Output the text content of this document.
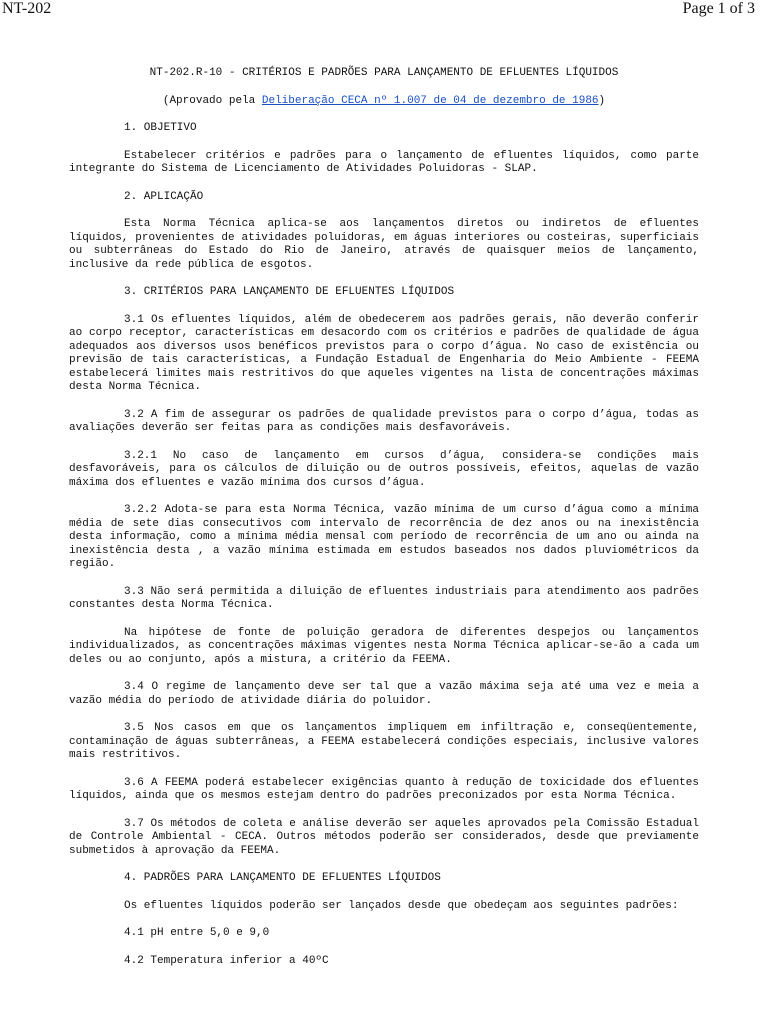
NT-202	Page 1 of 3

NT-202.R-10 - CRITÉRIOS E PADRÕES PARA LANÇAMENTO DE EFLUENTES LÍQUIDOS

(Aprovado pela Deliberação CECA nº 1.007 de 04 de dezembro de 1986)

1. OBJETIVO

Estabelecer critérios e padrões para o lançamento de efluentes líquidos, como parte integrante do Sistema de Licenciamento de Atividades Poluidoras - SLAP.

2. APLICAÇÃO

Esta Norma Técnica aplica-se aos lançamentos diretos ou indiretos de efluentes líquidos, provenientes de atividades poluidoras, em águas interiores ou costeiras, superficiais ou subterrâneas do Estado do Rio de Janeiro, através de quaisquer meios de lançamento, inclusive da rede pública de esgotos.

3. CRITÉRIOS PARA LANÇAMENTO DE EFLUENTES LÍQUIDOS

3.1 Os efluentes líquidos, além de obedecerem aos padrões gerais, não deverão conferir ao corpo receptor, características em desacordo com os critérios e padrões de qualidade de água adequados aos diversos usos benéficos previstos para o corpo d’água. No caso de existência ou previsão de tais características, a Fundação Estadual de Engenharia do Meio Ambiente - FEEMA estabelecerá limites mais restritivos do que aqueles vigentes na lista de concentrações máximas desta Norma Técnica.

3.2 A fim de assegurar os padrões de qualidade previstos para o corpo d’água, todas as avaliações deverão ser feitas para as condições mais desfavoráveis.

3.2.1 No caso de lançamento em cursos d’água, considera-se condições mais desfavoráveis, para os cálculos de diluição ou de outros possíveis, efeitos, aquelas de vazão máxima dos efluentes e vazão mínima dos cursos d’água.

3.2.2 Adota-se para esta Norma Técnica, vazão mínima de um curso d’água como a mínima média de sete dias consecutivos com intervalo de recorrência de dez anos ou na inexistência desta informação, como a mínima média mensal com período de recorrência de um ano ou ainda na inexistência desta , a vazão mínima estimada em estudos baseados nos dados pluviométricos da região.

3.3 Não será permitida a diluição de efluentes industriais para atendimento aos padrões constantes desta Norma Técnica.

Na hipótese de fonte de poluição geradora de diferentes despejos ou lançamentos individualizados, as concentrações máximas vigentes nesta Norma Técnica aplicar-se-ão a cada um deles ou ao conjunto, após a mistura, a critério da FEEMA.

3.4 O regime de lançamento deve ser tal que a vazão máxima seja até uma vez e meia a vazão média do período de atividade diária do poluidor.

3.5 Nos casos em que os lançamentos impliquem em infiltração e, conseqüentemente, contaminação de águas subterrâneas, a FEEMA estabelecerá condições especiais, inclusive valores mais restritivos.

3.6 A FEEMA poderá estabelecer exigências quanto à redução de toxicidade dos efluentes líquidos, ainda que os mesmos estejam dentro do padrões preconizados por esta Norma Técnica.

3.7 Os métodos de coleta e análise deverão ser aqueles aprovados pela Comissão Estadual de Controle Ambiental - CECA. Outros métodos poderão ser considerados, desde que previamente submetidos à aprovação da FEEMA.

4. PADRÕES PARA LANÇAMENTO DE EFLUENTES LÍQUIDOS

Os efluentes líquidos poderão ser lançados desde que obedeçam aos seguintes padrões:

4.1 pH entre 5,0 e 9,0

4.2 Temperatura inferior a 40ºC
